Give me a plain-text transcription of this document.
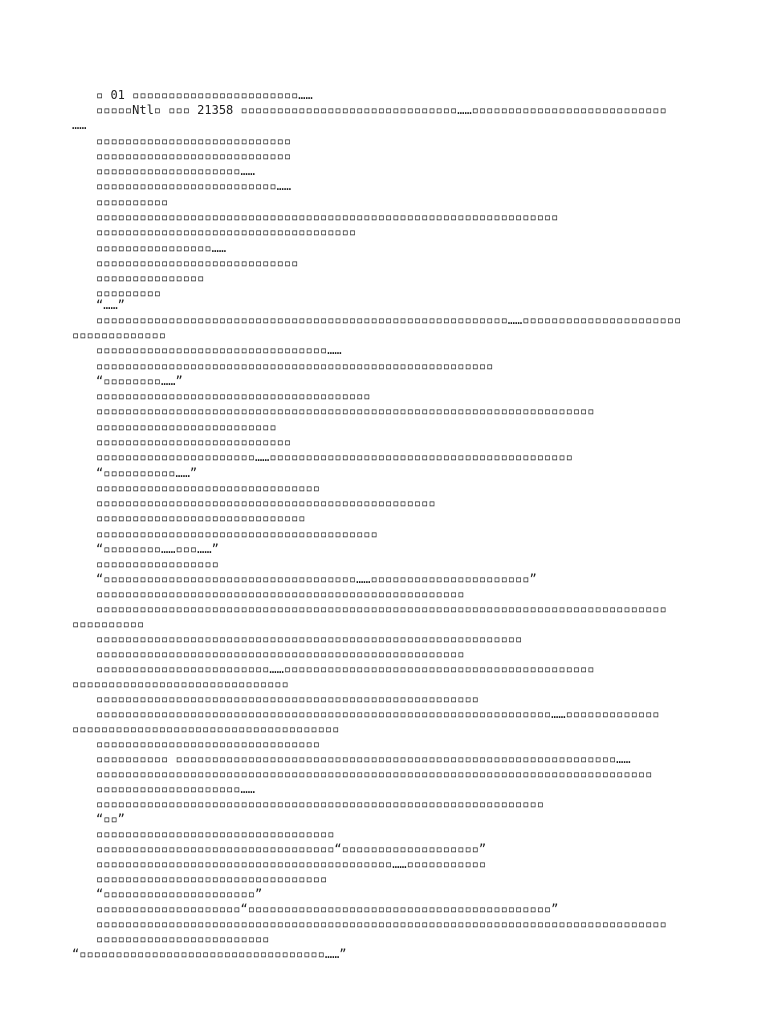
▫ 01 ▫▫▫▫▫▫▫▫▫▫▫▫▫▫▫▫▫▫▫▫▫▫▫……
▫▫▫▫▫Ntl▫ ▫▫▫ 21358 ▫▫▫▫▫▫▫▫▫▫▫▫▫▫▫▫▫▫▫▫▫▫▫▫▫▫▫▫▫▫……▫▫▫▫▫▫▫▫▫▫▫▫▫▫▫▫▫▫▫▫▫▫▫▫▫▫▫
……
▫▫▫▫▫▫▫▫▫▫▫▫▫▫▫▫▫▫▫▫▫▫▫▫▫▫▫
▫▫▫▫▫▫▫▫▫▫▫▫▫▫▫▫▫▫▫▫▫▫▫▫▫▫▫
▫▫▫▫▫▫▫▫▫▫▫▫▫▫▫▫▫▫▫▫……
▫▫▫▫▫▫▫▫▫▫▫▫▫▫▫▫▫▫▫▫▫▫▫▫▫……
▫▫▫▫▫▫▫▫▫▫
▫▫▫▫▫▫▫▫▫▫▫▫▫▫▫▫▫▫▫▫▫▫▫▫▫▫▫▫▫▫▫▫▫▫▫▫▫▫▫▫▫▫▫▫▫▫▫▫▫▫▫▫▫▫▫▫▫▫▫▫▫▫▫▫
▫▫▫▫▫▫▫▫▫▫▫▫▫▫▫▫▫▫▫▫▫▫▫▫▫▫▫▫▫▫▫▫▫▫▫▫
▫▫▫▫▫▫▫▫▫▫▫▫▫▫▫▫……
▫▫▫▫▫▫▫▫▫▫▫▫▫▫▫▫▫▫▫▫▫▫▫▫▫▫▫▫
▫▫▫▫▫▫▫▫▫▫▫▫▫▫▫
▫▫▫▫▫▫▫▫▫
“……”
▫▫▫▫▫▫▫▫▫▫▫▫▫▫▫▫▫▫▫▫▫▫▫▫▫▫▫▫▫▫▫▫▫▫▫▫▫▫▫▫▫▫▫▫▫▫▫▫▫▫▫▫▫▫▫▫▫……▫▫▫▫▫▫▫▫▫▫▫▫▫▫▫▫▫▫▫▫▫▫
▫▫▫▫▫▫▫▫▫▫▫▫▫
▫▫▫▫▫▫▫▫▫▫▫▫▫▫▫▫▫▫▫▫▫▫▫▫▫▫▫▫▫▫▫▫……
▫▫▫▫▫▫▫▫▫▫▫▫▫▫▫▫▫▫▫▫▫▫▫▫▫▫▫▫▫▫▫▫▫▫▫▫▫▫▫▫▫▫▫▫▫▫▫▫▫▫▫▫▫▫▫
“▫▫▫▫▫▫▫▫……”
▫▫▫▫▫▫▫▫▫▫▫▫▫▫▫▫▫▫▫▫▫▫▫▫▫▫▫▫▫▫▫▫▫▫▫▫▫▫
▫▫▫▫▫▫▫▫▫▫▫▫▫▫▫▫▫▫▫▫▫▫▫▫▫▫▫▫▫▫▫▫▫▫▫▫▫▫▫▫▫▫▫▫▫▫▫▫▫▫▫▫▫▫▫▫▫▫▫▫▫▫▫▫▫▫▫▫▫
▫▫▫▫▫▫▫▫▫▫▫▫▫▫▫▫▫▫▫▫▫▫▫▫▫
▫▫▫▫▫▫▫▫▫▫▫▫▫▫▫▫▫▫▫▫▫▫▫▫▫▫▫
▫▫▫▫▫▫▫▫▫▫▫▫▫▫▫▫▫▫▫▫▫▫……▫▫▫▫▫▫▫▫▫▫▫▫▫▫▫▫▫▫▫▫▫▫▫▫▫▫▫▫▫▫▫▫▫▫▫▫▫▫▫▫▫▫
“▫▫▫▫▫▫▫▫▫▫……”
▫▫▫▫▫▫▫▫▫▫▫▫▫▫▫▫▫▫▫▫▫▫▫▫▫▫▫▫▫▫▫
▫▫▫▫▫▫▫▫▫▫▫▫▫▫▫▫▫▫▫▫▫▫▫▫▫▫▫▫▫▫▫▫▫▫▫▫▫▫▫▫▫▫▫▫▫▫▫
▫▫▫▫▫▫▫▫▫▫▫▫▫▫▫▫▫▫▫▫▫▫▫▫▫▫▫▫▫
▫▫▫▫▫▫▫▫▫▫▫▫▫▫▫▫▫▫▫▫▫▫▫▫▫▫▫▫▫▫▫▫▫▫▫▫▫▫▫
“▫▫▫▫▫▫▫▫……▫▫▫……”
▫▫▫▫▫▫▫▫▫▫▫▫▫▫▫▫▫
“▫▫▫▫▫▫▫▫▫▫▫▫▫▫▫▫▫▫▫▫▫▫▫▫▫▫▫▫▫▫▫▫▫▫▫……▫▫▫▫▫▫▫▫▫▫▫▫▫▫▫▫▫▫▫▫▫▫”
▫▫▫▫▫▫▫▫▫▫▫▫▫▫▫▫▫▫▫▫▫▫▫▫▫▫▫▫▫▫▫▫▫▫▫▫▫▫▫▫▫▫▫▫▫▫▫▫▫▫▫
▫▫▫▫▫▫▫▫▫▫▫▫▫▫▫▫▫▫▫▫▫▫▫▫▫▫▫▫▫▫▫▫▫▫▫▫▫▫▫▫▫▫▫▫▫▫▫▫▫▫▫▫▫▫▫▫▫▫▫▫▫▫▫▫▫▫▫▫▫▫▫▫▫▫▫▫▫▫▫
▫▫▫▫▫▫▫▫▫▫
▫▫▫▫▫▫▫▫▫▫▫▫▫▫▫▫▫▫▫▫▫▫▫▫▫▫▫▫▫▫▫▫▫▫▫▫▫▫▫▫▫▫▫▫▫▫▫▫▫▫▫▫▫▫▫▫▫▫▫
▫▫▫▫▫▫▫▫▫▫▫▫▫▫▫▫▫▫▫▫▫▫▫▫▫▫▫▫▫▫▫▫▫▫▫▫▫▫▫▫▫▫▫▫▫▫▫▫▫▫▫
▫▫▫▫▫▫▫▫▫▫▫▫▫▫▫▫▫▫▫▫▫▫▫▫……▫▫▫▫▫▫▫▫▫▫▫▫▫▫▫▫▫▫▫▫▫▫▫▫▫▫▫▫▫▫▫▫▫▫▫▫▫▫▫▫▫▫▫
▫▫▫▫▫▫▫▫▫▫▫▫▫▫▫▫▫▫▫▫▫▫▫▫▫▫▫▫▫▫
▫▫▫▫▫▫▫▫▫▫▫▫▫▫▫▫▫▫▫▫▫▫▫▫▫▫▫▫▫▫▫▫▫▫▫▫▫▫▫▫▫▫▫▫▫▫▫▫▫▫▫▫▫
▫▫▫▫▫▫▫▫▫▫▫▫▫▫▫▫▫▫▫▫▫▫▫▫▫▫▫▫▫▫▫▫▫▫▫▫▫▫▫▫▫▫▫▫▫▫▫▫▫▫▫▫▫▫▫▫▫▫▫▫▫▫▫……▫▫▫▫▫▫▫▫▫▫▫▫▫
▫▫▫▫▫▫▫▫▫▫▫▫▫▫▫▫▫▫▫▫▫▫▫▫▫▫▫▫▫▫▫▫▫▫▫▫▫
▫▫▫▫▫▫▫▫▫▫▫▫▫▫▫▫▫▫▫▫▫▫▫▫▫▫▫▫▫▫▫
▫▫▫▫▫▫▫▫▫▫ ▫▫▫▫▫▫▫▫▫▫▫▫▫▫▫▫▫▫▫▫▫▫▫▫▫▫▫▫▫▫▫▫▫▫▫▫▫▫▫▫▫▫▫▫▫▫▫▫▫▫▫▫▫▫▫▫▫▫▫▫▫……
▫▫▫▫▫▫▫▫▫▫▫▫▫▫▫▫▫▫▫▫▫▫▫▫▫▫▫▫▫▫▫▫▫▫▫▫▫▫▫▫▫▫▫▫▫▫▫▫▫▫▫▫▫▫▫▫▫▫▫▫▫▫▫▫▫▫▫▫▫▫▫▫▫▫▫▫▫
▫▫▫▫▫▫▫▫▫▫▫▫▫▫▫▫▫▫▫▫……
▫▫▫▫▫▫▫▫▫▫▫▫▫▫▫▫▫▫▫▫▫▫▫▫▫▫▫▫▫▫▫▫▫▫▫▫▫▫▫▫▫▫▫▫▫▫▫▫▫▫▫▫▫▫▫▫▫▫▫▫▫▫
“▫▫”
▫▫▫▫▫▫▫▫▫▫▫▫▫▫▫▫▫▫▫▫▫▫▫▫▫▫▫▫▫▫▫▫▫
▫▫▫▫▫▫▫▫▫▫▫▫▫▫▫▫▫▫▫▫▫▫▫▫▫▫▫▫▫▫▫▫▫“▫▫▫▫▫▫▫▫▫▫▫▫▫▫▫▫▫▫▫”
▫▫▫▫▫▫▫▫▫▫▫▫▫▫▫▫▫▫▫▫▫▫▫▫▫▫▫▫▫▫▫▫▫▫▫▫▫▫▫▫▫……▫▫▫▫▫▫▫▫▫▫▫
▫▫▫▫▫▫▫▫▫▫▫▫▫▫▫▫▫▫▫▫▫▫▫▫▫▫▫▫▫▫▫▫
“▫▫▫▫▫▫▫▫▫▫▫▫▫▫▫▫▫▫▫▫▫”
▫▫▫▫▫▫▫▫▫▫▫▫▫▫▫▫▫▫▫▫“▫▫▫▫▫▫▫▫▫▫▫▫▫▫▫▫▫▫▫▫▫▫▫▫▫▫▫▫▫▫▫▫▫▫▫▫▫▫▫▫▫▫”
▫▫▫▫▫▫▫▫▫▫▫▫▫▫▫▫▫▫▫▫▫▫▫▫▫▫▫▫▫▫▫▫▫▫▫▫▫▫▫▫▫▫▫▫▫▫▫▫▫▫▫▫▫▫▫▫▫▫▫▫▫▫▫▫▫▫▫▫▫▫▫▫▫▫▫▫▫▫▫
▫▫▫▫▫▫▫▫▫▫▫▫▫▫▫▫▫▫▫▫▫▫▫▫
“▫▫▫▫▫▫▫▫▫▫▫▫▫▫▫▫▫▫▫▫▫▫▫▫▫▫▫▫▫▫▫▫▫▫……”
